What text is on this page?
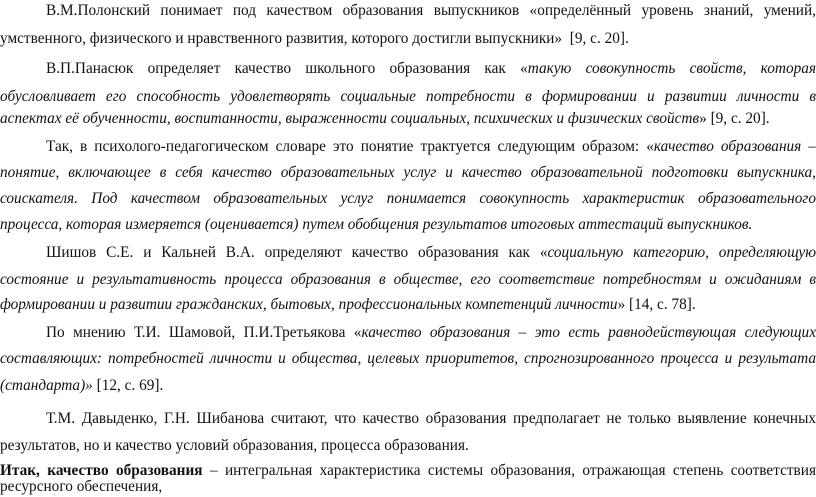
В.М.Полонский понимает под качеством образования выпускников «определённый уровень знаний, умений,
умственного, физического и нравственного развития, которого достигли выпускники» [9, с. 20].
В.П.Панасюк определяет качество школьного образования как «такую совокупность свойств, которая
обусловливает его способность удовлетворять социальные потребности в формировании и развитии личности в
аспектах её обученности, воспитанности, выраженности социальных, психических и физических свойств» [9, с. 20].
Так, в психолого-педагогическом словаре это понятие трактуется следующим образом: «качество образования –
понятие, включающее в себя качество образовательных услуг и качество образовательной подготовки выпускника,
соискателя. Под качеством образовательных услуг понимается совокупность характеристик образовательного
процесса, которая измеряется (оценивается) путем обобщения результатов итоговых аттестаций выпускников.
Шишов С.Е. и Кальней В.А. определяют качество образования как «социальную категорию, определяющую
состояние и результативность процесса образования в обществе, его соответствие потребностям и ожиданиям в
формировании и развитии гражданских, бытовых, профессиональных компетенций личности» [14, с. 78].
По мнению Т.И. Шамовой, П.И.Третьякова «качество образования – это есть равнодействующая следующих
составляющих: потребностей личности и общества, целевых приоритетов, спрогнозированного процесса и результата
(стандарта)» [12, с. 69].
Т.М. Давыденко, Г.Н. Шибанова считают, что качество образования предполагает не только выявление конечных
результатов, но и качество условий образования, процесса образования.
Итак, качество образования – интегральная характеристика системы образования, отражающая степень соответствия
ресурсного обеспечения,
